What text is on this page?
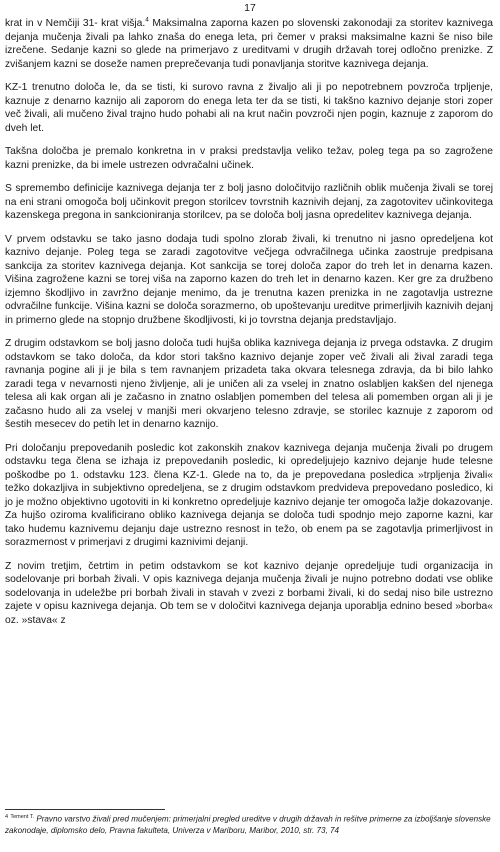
17

krat in v Nemčiji 31- krat višja.$^4$ Maksimalna zaporna kazen po slovenski zakonodaji za storitev kaznivega dejanja mučenja živali pa lahko znaša do enega leta, pri čemer v praksi maksimalne kazni še niso bile izrečene. Sedanje kazni so glede na primerjavo z ureditvami v drugih državah torej odločno prenizke. Z zvišanjem kazni se doseže namen preprečevanja tudi ponavljanja storitve kaznivega dejanja.

KZ-1 trenutno določa le, da se tisti, ki surovo ravna z živaljo ali ji po nepotrebnem povzroča trpljenje, kaznuje z denarno kaznijo ali zaporom do enega leta ter da se tisti, ki takšno kaznivo dejanje stori zoper več živali, ali mučeno žival trajno hudo pohabi ali na krut način povzroči njen pogin, kaznuje z zaporom do dveh let.

Takšna določba je premalo konkretna in v praksi predstavlja veliko težav, poleg tega pa so zagrožene kazni prenizke, da bi imele ustrezen odvračalni učinek.

S spremembo definicije kaznivega dejanja ter z bolj jasno določitvijo različnih oblik mučenja živali se torej na eni strani omogoča bolj učinkovit pregon storilcev tovrstnih kaznivih dejanj, za zagotovitev učinkovitega kazenskega pregona in sankcioniranja storilcev, pa se določa bolj jasna opredelitev kaznivega dejanja.

V prvem odstavku se tako jasno dodaja tudi spolno zlorab živali, ki trenutno ni jasno opredeljena kot kaznivo dejanje. Poleg tega se zaradi zagotovitve večjega odvračilnega učinka zaostruje predpisana sankcija za storitev kaznivega dejanja. Kot sankcija se torej določa zapor do treh let in denarna kazen. Višina zagrožene kazni se torej viša na zaporno kazen do treh let in denarno kazen. Ker gre za družbeno izjemno škodljivo in zavržno dejanje menimo, da je trenutna kazen prenizka in ne zagotavlja ustrezne odvračilne funkcije. Višina kazni se določa sorazmerno, ob upoštevanju ureditve primerljivih kaznivih dejanj in primerno glede na stopnjo družbene škodljivosti, ki jo tovrstna dejanja predstavljajo.

Z drugim odstavkom se bolj jasno določa tudi hujša oblika kaznivega dejanja iz prvega odstavka. Z drugim odstavkom se tako določa, da kdor stori takšno kaznivo dejanje zoper več živali ali žival zaradi tega ravnanja pogine ali ji je bila s tem ravnanjem prizadeta taka okvara telesnega zdravja, da bi bilo lahko zaradi tega v nevarnosti njeno življenje, ali je uničen ali za vselej in znatno oslabljen kakšen del njenega telesa ali kak organ ali je začasno in znatno oslabljen pomemben del telesa ali pomemben organ ali ji je začasno hudo ali za vselej v manjši meri okvarjeno telesno zdravje, se storilec kaznuje z zaporom od šestih mesecev do petih let in denarno kaznijo.

Pri določanju prepovedanih posledic kot zakonskih znakov kaznivega dejanja mučenja živali po drugem odstavku tega člena se izhaja iz prepovedanih posledic, ki opredeljujejo kaznivo dejanje hude telesne poškodbe po 1. odstavku 123. člena KZ-1. Glede na to, da je prepovedana posledica »trpljenja živali« težko dokazljiva in subjektivno opredeljena, se z drugim odstavkom predvideva prepovedano posledico, ki jo je možno objektivno ugotoviti in ki konkretno opredeljuje kaznivo dejanje ter omogoča lažje dokazovanje. Za hujšo oziroma kvalificirano obliko kaznivega dejanja se določa tudi spodnjo mejo zaporne kazni, kar tako hudemu kaznivemu dejanju daje ustrezno resnost in težo, ob enem pa se zagotavlja primerljivost in sorazmernost v primerjavi z drugimi kaznivimi dejanji.

Z novim tretjim, četrtim in petim odstavkom se kot kaznivo dejanje opredeljuje tudi organizacija in sodelovanje pri borbah živali. V opis kaznivega dejanja mučenja živali je nujno potrebno dodati vse oblike sodelovanja in udeležbe pri borbah živali in stavah v zvezi z borbami živali, ki do sedaj niso bile ustrezno zajete v opisu kaznivega dejanja. Ob tem se v določitvi kaznivega dejanja uporablja ednino besed »borba« oz. »stava« z

$^4$ $^{Tement T.}$ Pravno varstvo živali pred mučenjem: primerjalni pregled ureditve v drugih državah in rešitve primerne za izboljšanje slovenske zakonodaje, diplomsko delo, Pravna fakulteta, Univerza v Mariboru, Maribor, 2010, str. 73, 74
